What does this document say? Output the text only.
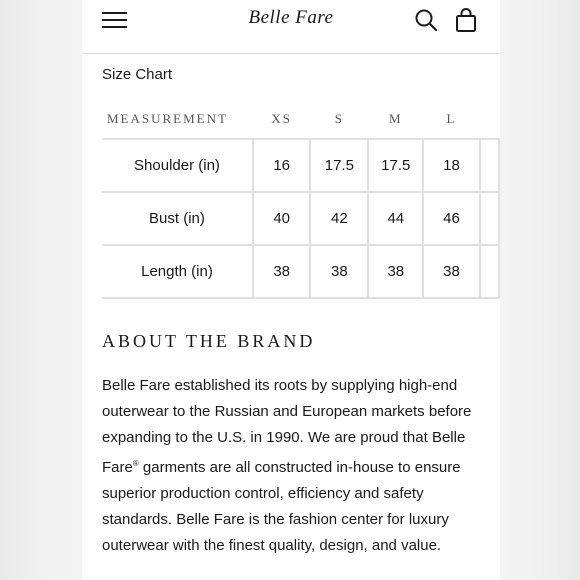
Belle Fare
Size Chart
MEASUREMENT	XS	S	M	L	
Shoulder (in)	16	17.5	17.5	18	
Bust (in)	40	42	44	46	
Length (in)	38	38	38	38	
ABOUT THE BRAND

Belle Fare established its roots by supplying high-end outerwear to the Russian and European markets before expanding to the U.S. in 1990. We are proud that Belle Fare® garments are all constructed in-house to ensure superior production control, efficiency and safety standards. Belle Fare is the fashion center for luxury outerwear with the finest quality, design, and value.
